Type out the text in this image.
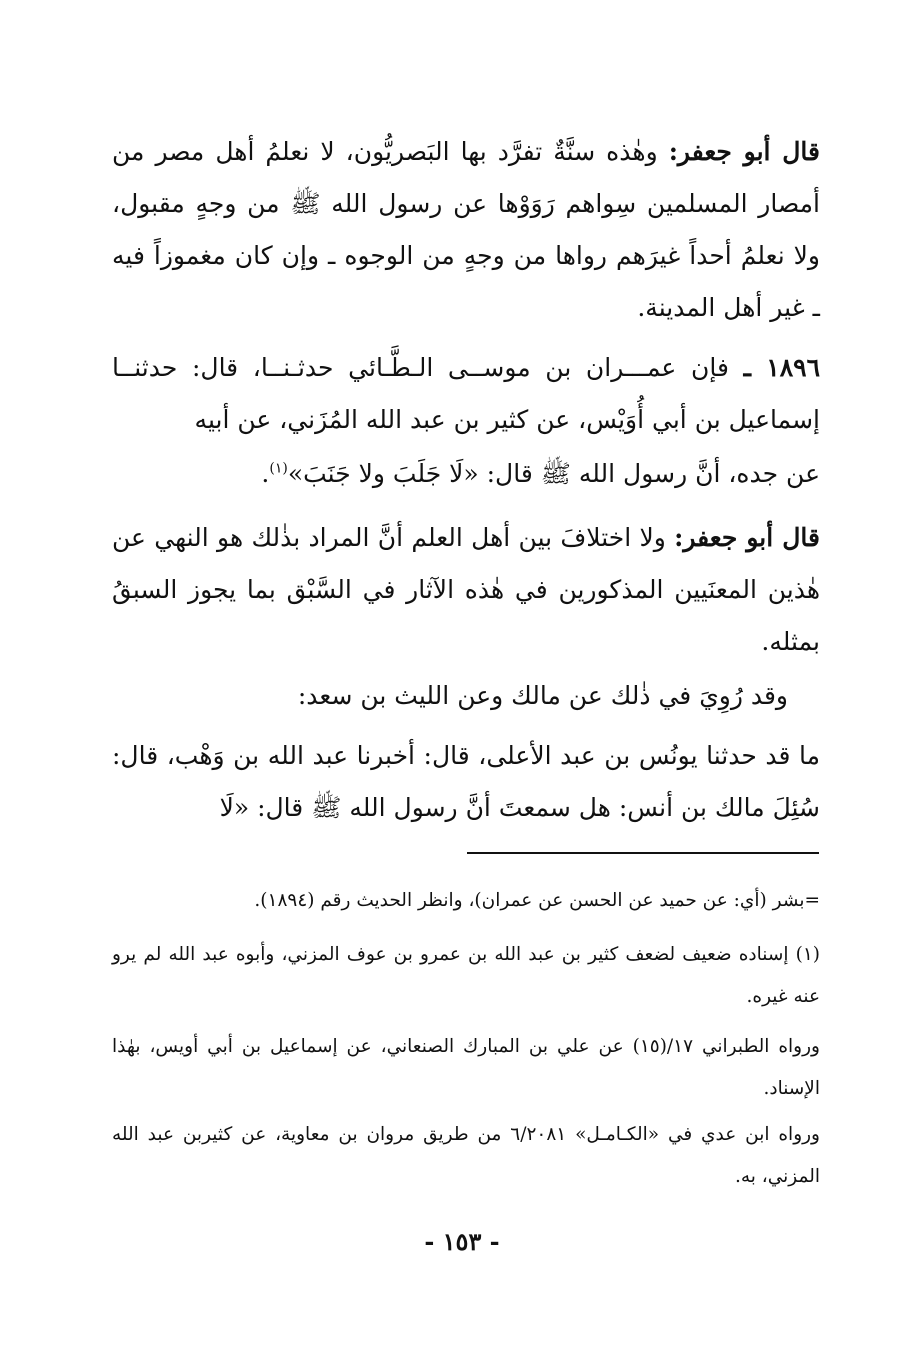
قال أبو جعفر: وهٰذه سنَّةٌ تفرَّد بها البَصريُّون، لا نعلمُ أهل مصر من أمصار المسلمين سِواهم رَوَوْها عن رسول الله ﷺ من وجهٍ مقبول، ولا نعلمُ أحداً غيرَهم رواها من وجهٍ من الوجوه ـ وإن كان مغموزاً فيه ـ غير أهل المدينة.

١٨٩٦ ـ فإن عمـــران بن موســى الـطَّـائي حدثـنــا، قال: حدثنــا إسماعيل بن أبي أُوَيْس، عن كثير بن عبد الله المُزَني، عن أبيه

عن جده، أنَّ رسول الله ﷺ قال: «لَا جَلَبَ ولا جَنَبَ»$^{(١)}$.

قال أبو جعفر: ولا اختلافَ بين أهل العلم أنَّ المراد بذٰلك هو النهي عن هٰذين المعنَيين المذكورين في هٰذه الآثار في السَّبْق بما يجوز السبقُ بمثله.

وقد رُوِيَ في ذٰلك عن مالك وعن الليث بن سعد:

ما قد حدثنا يونُس بن عبد الأعلى، قال: أخبرنا عبد الله بن وَهْب، قال: سُئِلَ مالك بن أنس: هل سمعتَ أنَّ رسول الله ﷺ قال: «لَا

=بشر (أي: عن حميد عن الحسن عن عمران)، وانظر الحديث رقم (١٨٩٤).

(١) إسناده ضعيف لضعف كثير بن عبد الله بن عمرو بن عوف المزني، وأبوه عبد الله لم يرو عنه غيره.

ورواه الطبراني ١٧/(١٥) عن علي بن المبارك الصنعاني، عن إسماعيل بن أبي أويس، بهٰذا الإسناد.

ورواه ابن عدي في «الكـامـل» ٦/٢٠٨١ من طريق مروان بن معاوية، عن كثيربن عبد الله المزني، به.

- ١٥٣ -
